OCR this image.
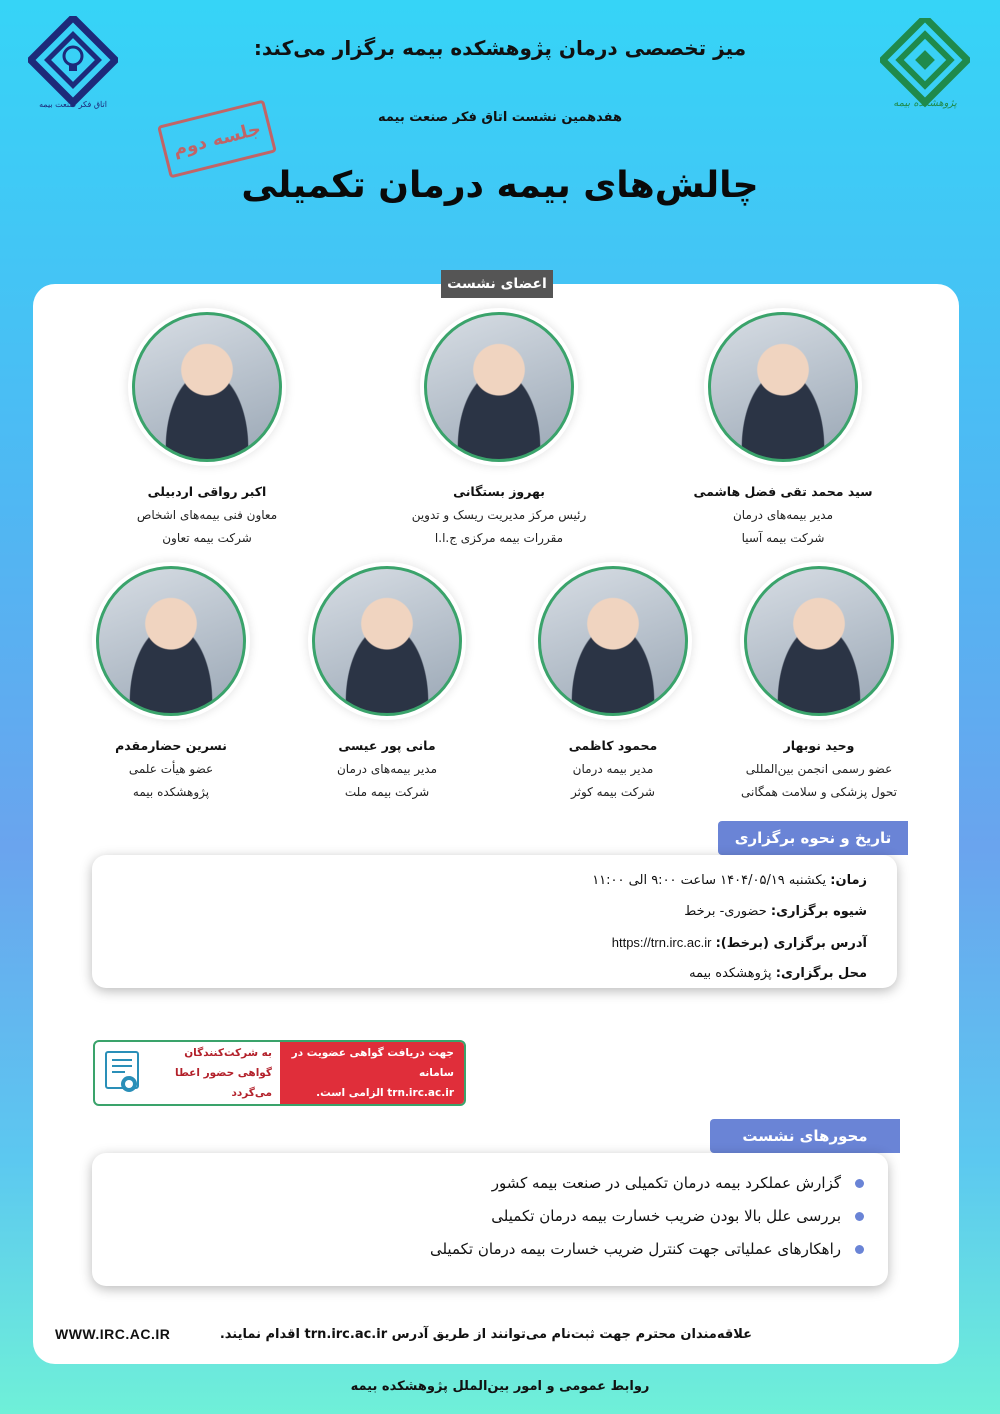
پژوهشکده بیمه
اتاق فکر صنعت بیمه
میز تخصصی درمان پژوهشکده بیمه برگزار می‌کند:
هفدهمین نشست اتاق فکر صنعت بیمه
چالش‌های بیمه درمان تکمیلی
جلسه دوم
اعضای نشست
سید محمد تقی فضل هاشمی
مدیر بیمه‌های درمان
شرکت بیمه آسیا
بهروز بستگانی
رئیس مرکز مدیریت ریسک و تدوین
مقررات بیمه مرکزی ج.ا.ا
اکبر رواقی اردبیلی
معاون فنی بیمه‌های اشخاص
شرکت بیمه تعاون
وحید نوبهار
عضو رسمی انجمن بین‌المللی
تحول پزشکی و سلامت همگانی
محمود کاظمی
مدیر بیمه درمان
شرکت بیمه کوثر
مانی پور عیسی
مدیر بیمه‌های درمان
شرکت بیمه ملت
نسرین حضارمقدم
عضو هیأت علمی
پژوهشکده بیمه
تاریخ و نحوه برگزاری
زمان: یکشنبه ۱۴۰۴/۰۵/۱۹ ساعت ۹:۰۰ الی ۱۱:۰۰
شیوه برگزاری: حضوری- برخط
آدرس برگزاری (برخط): https://trn.irc.ac.ir
محل برگزاری: پژوهشکده بیمه
جهت دریافت گواهی عضویت در سامانه
trn.irc.ac.ir الزامی است.
به شرکت‌کنندگان
گواهی حضور اعطا می‌گردد
محورهای نشست
گزارش عملکرد بیمه درمان تکمیلی در صنعت بیمه کشور
بررسی علل بالا بودن ضریب خسارت بیمه درمان تکمیلی
راهکارهای عملیاتی جهت کنترل ضریب خسارت بیمه درمان تکمیلی
علاقه‌مندان محترم جهت ثبت‌نام می‌توانند از طریق آدرس trn.irc.ac.ir اقدام نمایند.
WWW.IRC.AC.IR
روابط عمومی و امور بین‌الملل پژوهشکده بیمه
